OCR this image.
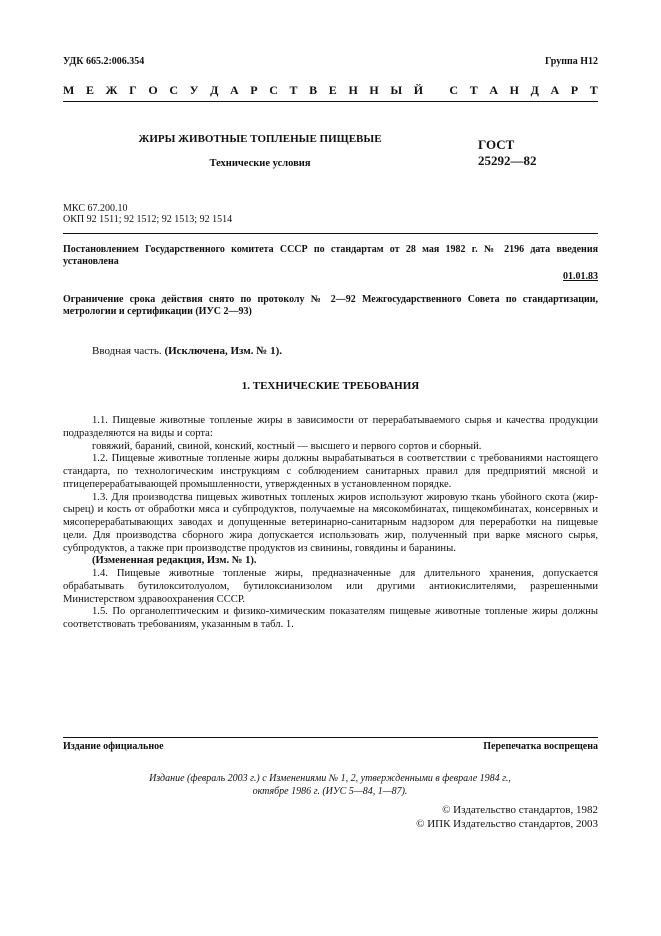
УДК 665.2:006.354	Группа Н12
М Е Ж Г О С У Д А Р С Т В Е Н Н Ы Й
С Т А Н Д А Р Т
ЖИРЫ ЖИВОТНЫЕ ТОПЛЕНЫЕ ПИЩЕВЫЕ
Технические условия
ГОСТ
25292—82
МКС 67.200.10
ОКП 92 1511; 92 1512; 92 1513; 92 1514
Постановлением Государственного комитета СССР по стандартам от 28 мая 1982 г. № 2196 дата введения установлена
01.01.83
Ограничение срока действия снято по протоколу № 2—92 Межгосударственного Совета по стандартизации, метрологии и сертификации (ИУС 2—93)
Вводная часть. (Исключена, Изм. № 1).
1. ТЕХНИЧЕСКИЕ ТРЕБОВАНИЯ

1.1. Пищевые животные топленые жиры в зависимости от перерабатываемого сырья и качества продукции подразделяются на виды и сорта:

говяжий, бараний, свиной, конский, костный — высшего и первого сортов и сборный.

1.2. Пищевые животные топленые жиры должны вырабатываться в соответствии с требованиями настоящего стандарта, по технологическим инструкциям с соблюдением санитарных правил для предприятий мясной и птицеперерабатывающей промышленности, утвержденных в установленном порядке.

1.3. Для производства пищевых животных топленых жиров используют жировую ткань убойного скота (жир-сырец) и кость от обработки мяса и субпродуктов, получаемые на мясокомбинатах, пищекомбинатах, консервных и мясоперерабатывающих заводах и допущенные ветеринарно-санитарным надзором для переработки на пищевые цели. Для производства сборного жира допускается использовать жир, полученный при варке мясного сырья, субпродуктов, а также при производстве продуктов из свинины, говядины и баранины.

(Измененная редакция, Изм. № 1).

1.4. Пищевые животные топленые жиры, предназначенные для длительного хранения, допускается обрабатывать бутилокситолуолом, бутилоксианизолом или другими антиокислителями, разрешенными Министерством здравоохранения СССР.

1.5. По органолептическим и физико-химическим показателям пищевые животные топленые жиры должны соответствовать требованиям, указанным в табл. 1.

Издание официальное	Перепечатка воспрещена
Издание (февраль 2003 г.) с Изменениями № 1, 2, утвержденными в феврале 1984 г.,
октябре 1986 г. (ИУС 5—84, 1—87).
© Издательство стандартов, 1982
© ИПК Издательство стандартов, 2003
